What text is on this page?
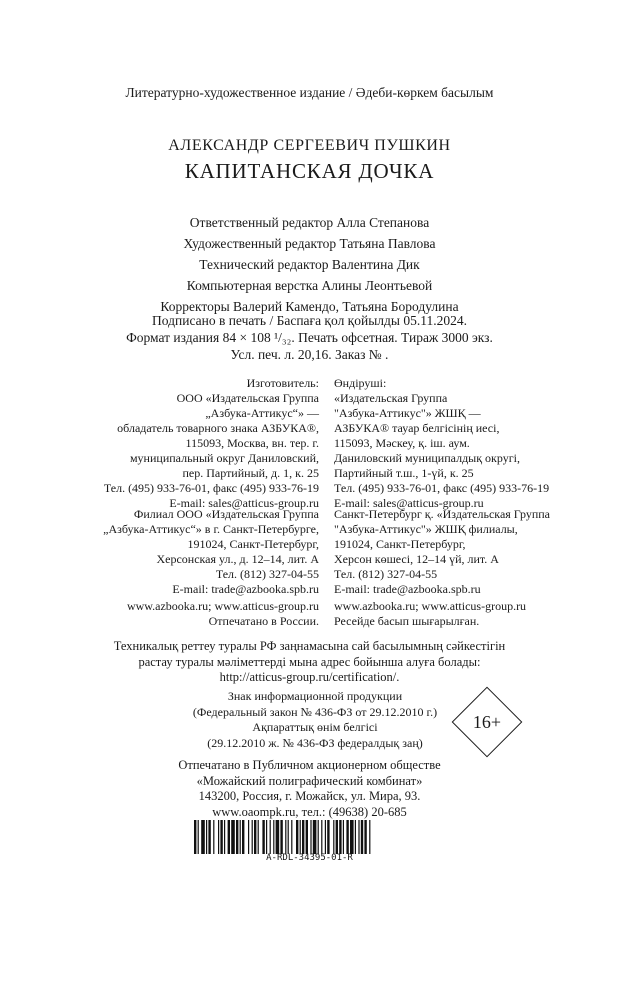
Литературно-художественное издание / Әдеби-көркем басылым
АЛЕКСАНДР СЕРГЕЕВИЧ ПУШКИН
КАПИТАНСКАЯ ДОЧКА
Ответственный редактор Алла Степанова
Художественный редактор Татьяна Павлова
Технический редактор Валентина Дик
Компьютерная верстка Алины Леонтьевой
Корректоры Валерий Камендо, Татьяна Бородулина
Подписано в печать / Баспаға қол қойылды 05.11.2024.
Формат издания 84 × 108 ¹/₃₂. Печать офсетная. Тираж 3000 экз.
Усл. печ. л. 20,16. Заказ № .
Изготовитель:
ООО «Издательская Группа
„Азбука-Аттикус“» —
обладатель товарного знака АЗБУКА®,
115093, Москва, вн. тер. г.
муниципальный округ Даниловский,
пер. Партийный, д. 1, к. 25
Тел. (495) 933-76-01, факс (495) 933-76-19
E-mail: sales@atticus-group.ru
Өндіруші:
«Издательская Группа
"Азбука-Аттикус"» ЖШҚ —
АЗБУКА® тауар белгісінің иесі,
115093, Мәскеу, қ. іш. аум.
Даниловский муниципалдық округі,
Партийный т.ш., 1-үй, к. 25
Тел. (495) 933-76-01, факс (495) 933-76-19
E-mail: sales@atticus-group.ru
Филиал ООО «Издательская Группа
„Азбука-Аттикус“» в г. Санкт-Петербурге,
191024, Санкт-Петербург,
Херсонская ул., д. 12–14, лит. А
Тел. (812) 327-04-55
E-mail: trade@azbooka.spb.ru
Санкт-Петербург қ. «Издательская Группа
"Азбука-Аттикус"» ЖШҚ филиалы,
191024, Санкт-Петербург,
Херсон көшесі, 12–14 үй, лит. А
Тел. (812) 327-04-55
E-mail: trade@azbooka.spb.ru
www.azbooka.ru; www.atticus-group.ru
Отпечатано в России.
www.azbooka.ru; www.atticus-group.ru
Ресейде басып шығарылған.
Техникалық реттеу туралы РФ заңнамасына сай басылымның сәйкестігін
растау туралы мәліметтерді мына адрес бойынша алуға болады:
http://atticus-group.ru/certification/.
Знак информационной продукции
(Федеральный закон № 436-ФЗ от 29.12.2010 г.)
Ақпараттық өнім белгісі
(29.12.2010 ж. № 436-ФЗ федералдық заң)
16+
Отпечатано в Публичном акционерном обществе
«Можайский полиграфический комбинат»
143200, Россия, г. Можайск, ул. Мира, 93.
www.oaompk.ru, тел.: (49638) 20-685
A-RDL-34395-01-R
